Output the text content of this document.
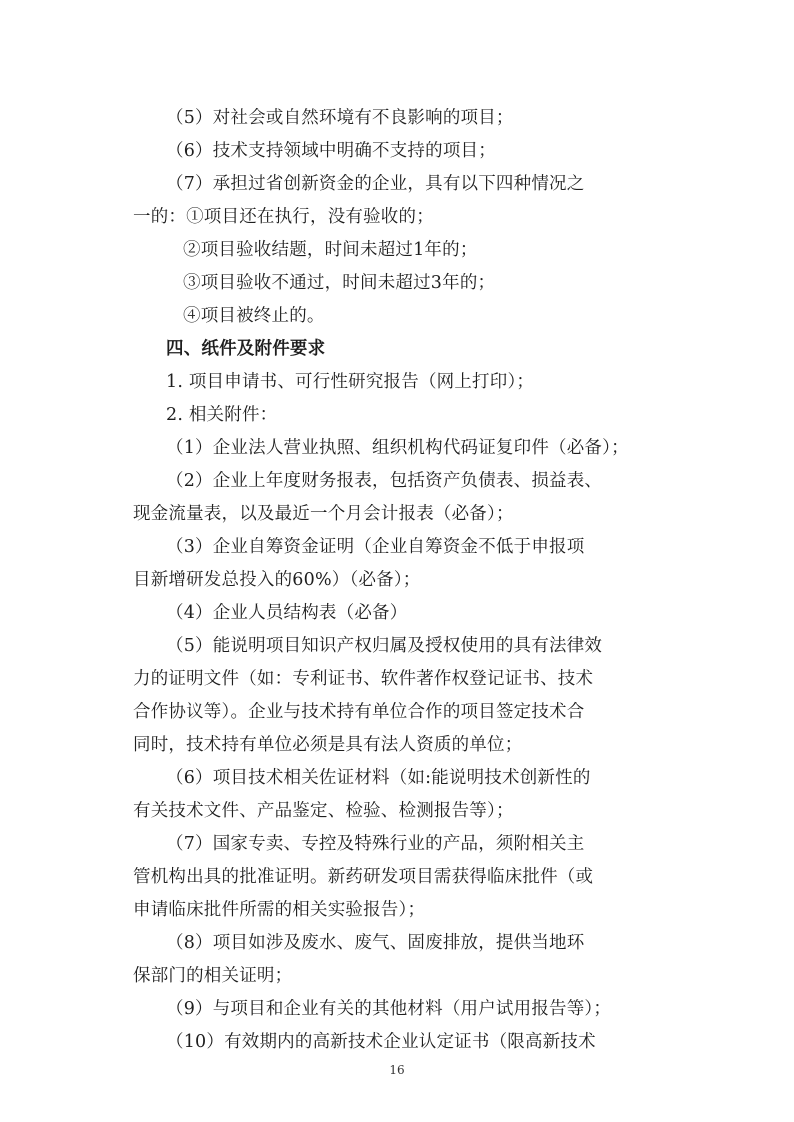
（5）对社会或自然环境有不良影响的项目；
（6）技术支持领域中明确不支持的项目；
（7）承担过省创新资金的企业，具有以下四种情况之
一的：①项目还在执行，没有验收的；
②项目验收结题，时间未超过1年的；
③项目验收不通过，时间未超过3年的；
④项目被终止的。
四、纸件及附件要求
1. 项目申请书、可行性研究报告（网上打印）；
2. 相关附件：
（1）企业法人营业执照、组织机构代码证复印件（必备）；
（2）企业上年度财务报表，包括资产负债表、损益表、
现金流量表，以及最近一个月会计报表（必备）；
（3）企业自筹资金证明（企业自筹资金不低于申报项
目新增研发总投入的60%）（必备）；
（4）企业人员结构表（必备）
（5）能说明项目知识产权归属及授权使用的具有法律效
力的证明文件（如：专利证书、软件著作权登记证书、技术
合作协议等）。企业与技术持有单位合作的项目签定技术合
同时，技术持有单位必须是具有法人资质的单位；
（6）项目技术相关佐证材料（如:能说明技术创新性的
有关技术文件、产品鉴定、检验、检测报告等）；
（7）国家专卖、专控及特殊行业的产品，须附相关主
管机构出具的批准证明。新药研发项目需获得临床批件（或
申请临床批件所需的相关实验报告）；
（8）项目如涉及废水、废气、固废排放，提供当地环
保部门的相关证明；
（9）与项目和企业有关的其他材料（用户试用报告等）；
（10）有效期内的高新技术企业认定证书（限高新技术
16
